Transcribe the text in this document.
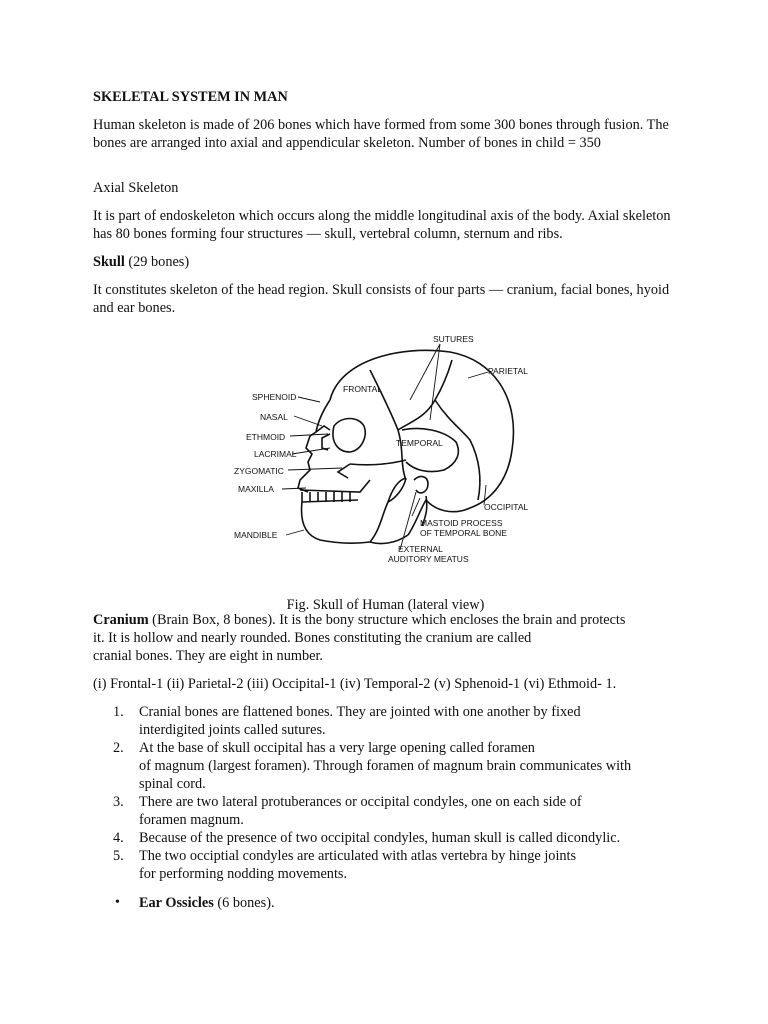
SKELETAL SYSTEM IN MAN

Human skeleton is made of 206 bones which have formed from some 300 bones through fusion. The bones are arranged into axial and appendicular skeleton. Number of bones in child = 350

Axial Skeleton

It is part of endoskeleton which occurs along the middle longitudinal axis of the body. Axial skeleton has 80 bones forming four structures — skull, vertebral column, sternum and ribs.

Skull (29 bones)

It constitutes skeleton of the head region. Skull consists of four parts — cranium, facial bones, hyoid and ear bones.

Fig. Skull of Human (lateral view)

Cranium (Brain Box, 8 bones). It is the bony structure which encloses the brain and protects
it. It is hollow and nearly rounded. Bones constituting the cranium are called
cranial bones. They are eight in number.

(i) Frontal-1 (ii) Parietal-2 (iii) Occipital-1 (iv) Temporal-2 (v) Sphenoid-1 (vi) Ethmoid- 1.

1. Cranial bones are flattened bones. They are jointed with one another by fixed
interdigited joints called sutures.
2. At the base of skull occipital has a very large opening called foramen
of magnum (largest foramen). Through foramen of magnum brain communicates with
spinal cord.
3. There are two lateral protuberances or occipital condyles, one on each side of
foramen magnum.
4. Because of the presence of two occipital condyles, human skull is called dicondylic.
5. The two occiptial condyles are articulated with atlas vertebra by hinge joints
for performing nodding movements.

• Ear Ossicles (6 bones).

SUTURES
PARIETAL
FRONTAL
SPHENOID
NASAL
ETHMOID
LACRIMAL
ZYGOMATIC
MAXILLA
MANDIBLE
TEMPORAL
OCCIPITAL
MASTOID PROCESS
OF TEMPORAL BONE
EXTERNAL
AUDITORY MEATUS
